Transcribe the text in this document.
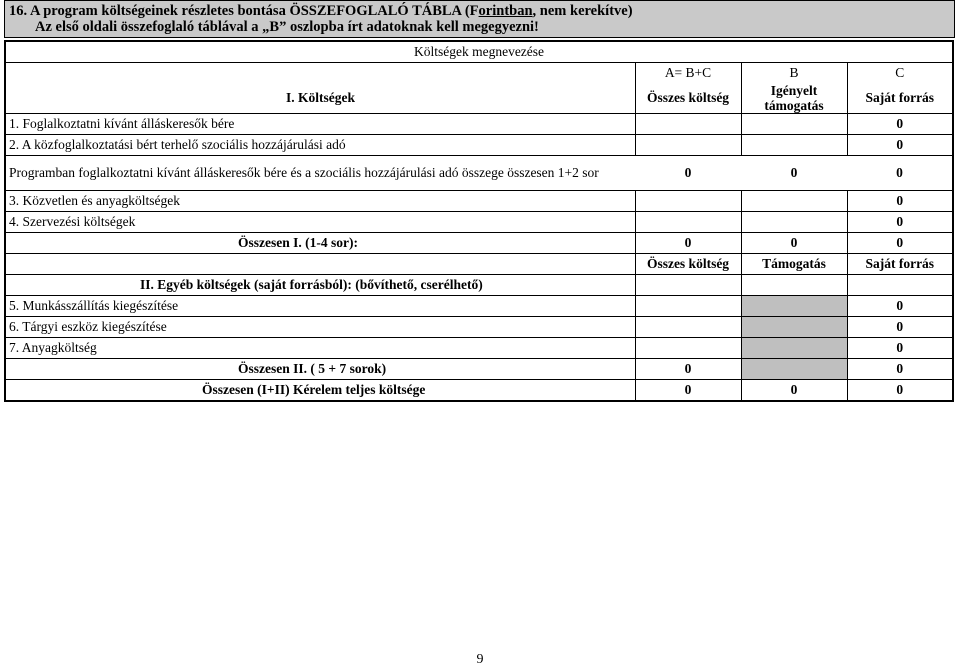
16. A program költségeinek részletes bontása ÖSSZEFOGLALÓ TÁBLA (Forintban, nem kerekítve)
Az első oldali összefoglaló táblával a „B” oszlopba írt adatoknak kell megegyezni!
Költségek megnevezése			
	A= B+C	B	C
I. Költségek	Összes költség	Igényelt támogatás	Saját forrás
1. Foglalkoztatni kívánt álláskeresők bére			0
2. A közfoglalkoztatási bért terhelő szociális hozzájárulási adó			0
Programban foglalkoztatni kívánt álláskeresők bére és a szociális hozzájárulási adó összege összesen 1+2 sor	0	0	0
3. Közvetlen és anyagköltségek			0
4. Szervezési költségek			0
Összesen I. (1-4 sor):	0	0	0
	Összes költség	Támogatás	Saját forrás
II. Egyéb költségek (saját forrásból): (bővíthető, cserélhető)			
5. Munkásszállítás kiegészítése			0
6. Tárgyi eszköz kiegészítése			0
7. Anyagköltség			0
Összesen II. ( 5 + 7 sorok)	0		0
Összesen (I+II) Kérelem teljes költsége	0	0	0
9
